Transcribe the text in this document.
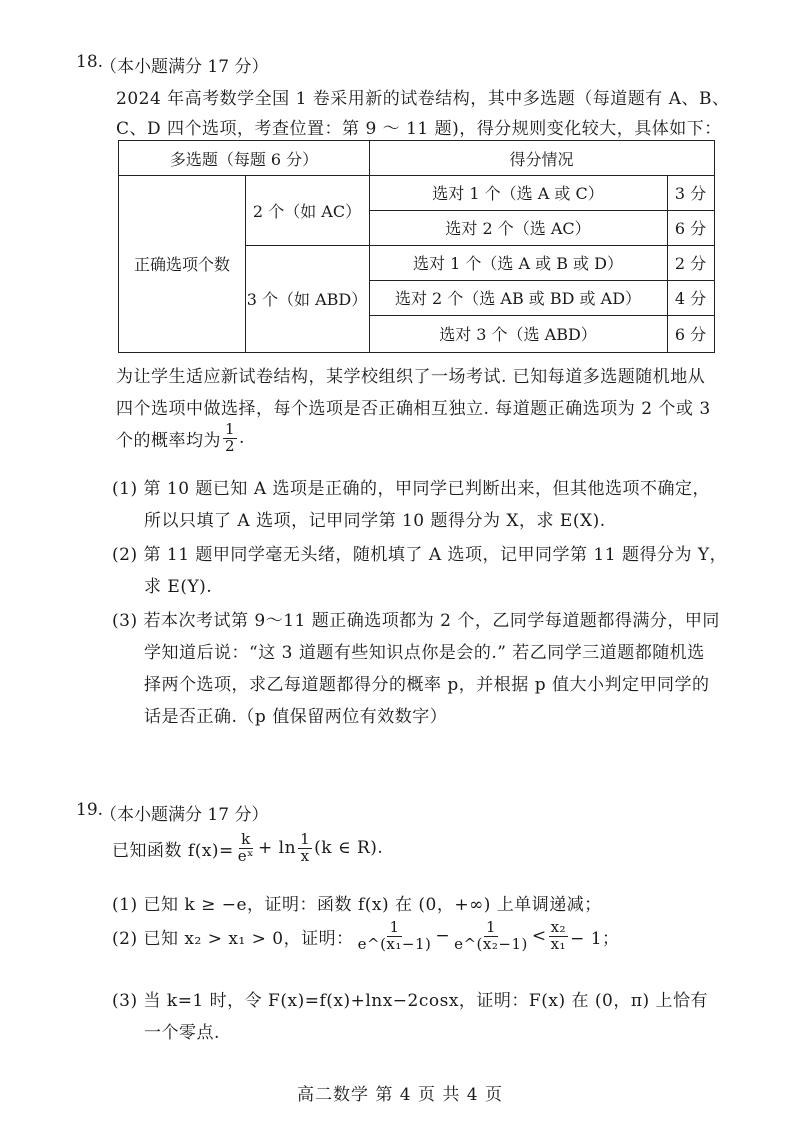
18.
（本小题满分 17 分）
2024 年高考数学全国 1 卷采用新的试卷结构，其中多选题（每道题有 A、B、
C、D 四个选项，考查位置：第 9 ～ 11 题)，得分规则变化较大，具体如下：
多选题（每题 6 分）	得分情况
正确选项个数
2 个（如 AC）
3 个（如 ABD）
选对 1 个（选 A 或 C）
选对 2 个（选 AC）
选对 1 个（选 A 或 B 或 D）
选对 2 个（选 AB 或 BD 或 AD）
选对 3 个（选 ABD）
3 分
6 分
2 分
4 分
6 分
为让学生适应新试卷结构，某学校组织了一场考试. 已知每道多选题随机地从
四个选项中做选择，每个选项是否正确相互独立. 每道题正确选项为 2 个或 3
个的概率均为 $\frac{1}{2}$ .
(1) 第 10 题已知 A 选项是正确的，甲同学已判断出来，但其他选项不确定，
所以只填了 A 选项，记甲同学第 10 题得分为 X，求 E(X).
(2) 第 11 题甲同学毫无头绪，随机填了 A 选项，记甲同学第 11 题得分为 Y，
求 E(Y).
(3) 若本次考试第 9～11 题正确选项都为 2 个，乙同学每道题都得满分，甲同
学知道后说：“这 3 道题有些知识点你是会的.” 若乙同学三道题都随机选
择两个选项，求乙每道题都得分的概率 p，并根据 p 值大小判定甲同学的
话是否正确.（p 值保留两位有效数字）
19.
（本小题满分 17 分）
已知函数 $f(x)= \frac{k}{\text{eˣ}} + \ln \frac{1}{x} (k$ ∈ R).
(1) 已知 k ≥ −e，证明：函数 f(x) 在 (0，+∞) 上单调递减；
(2) 已知 x₂ > x₁ > 0，证明： $\frac{1}{\text{e\textasciicircum{}(x₁−1)}} - \frac{1}{\text{e\textasciicircum{}(x₂−1)}} < \frac{\text{x₂}}{\text{x₁}} - 1$；
(3) 当 k=1 时，令 F(x)=f(x)+lnx−2cosx，证明：F(x) 在 (0，π) 上恰有
一个零点.
高二数学 第 4 页 共 4 页
